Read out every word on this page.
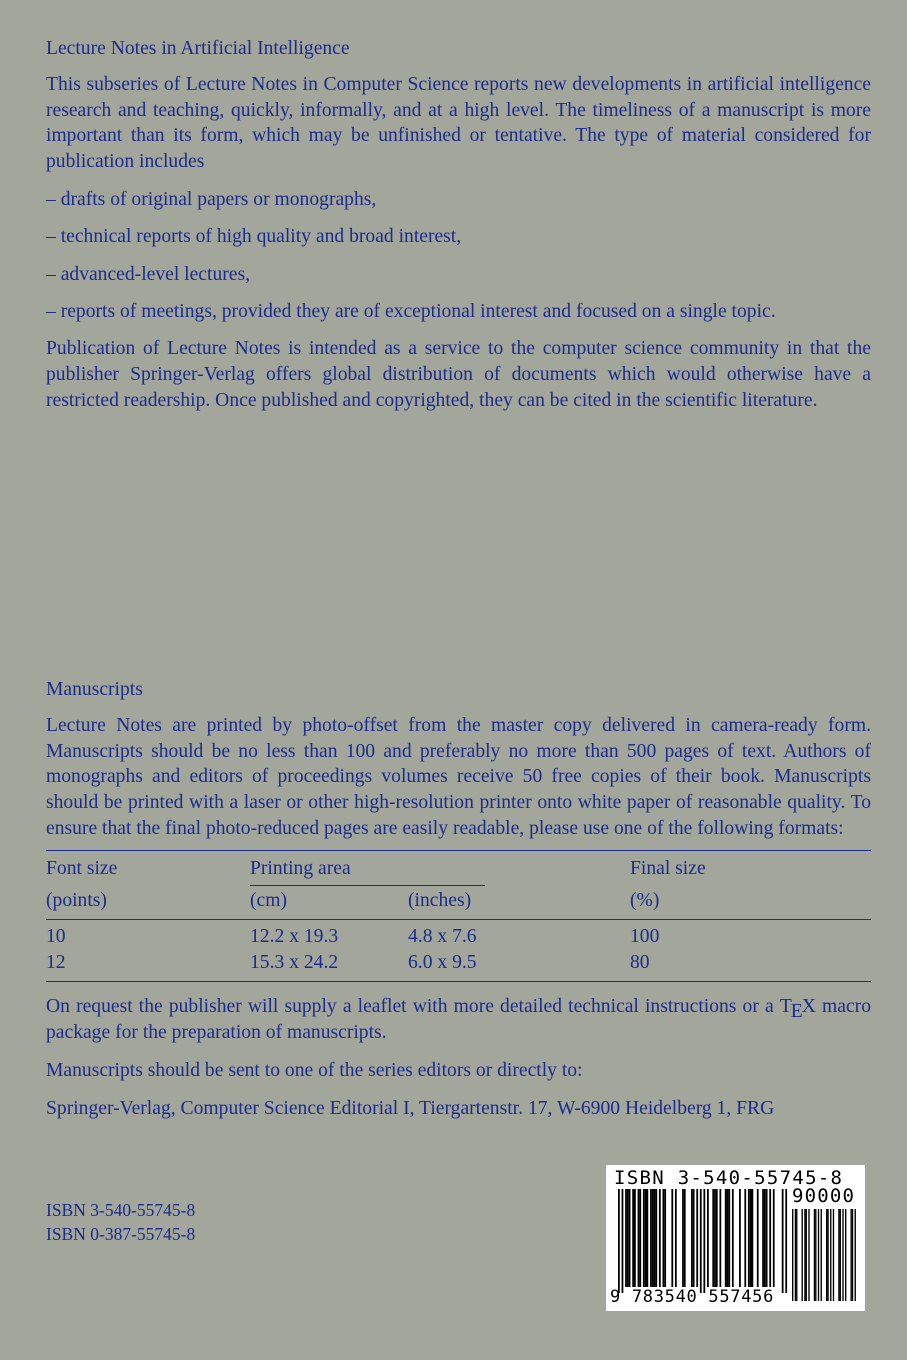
Lecture Notes in Artificial Intelligence
This subseries of Lecture Notes in Computer Science reports new developments in artificial intelligence research and teaching, quickly, informally, and at a high level. The timeliness of a manuscript is more important than its form, which may be unfinished or tentative. The type of material considered for publication includes
– drafts of original papers or monographs,
– technical reports of high quality and broad interest,
– advanced-level lectures,
– reports of meetings, provided they are of exceptional interest and focused on a single topic.
Publication of Lecture Notes is intended as a service to the computer science community in that the publisher Springer-Verlag offers global distribution of documents which would otherwise have a restricted readership. Once published and copyrighted, they can be cited in the scientific literature.
Manuscripts
Lecture Notes are printed by photo-offset from the master copy delivered in camera-ready form. Manuscripts should be no less than 100 and preferably no more than 500 pages of text. Authors of monographs and editors of proceedings volumes receive 50 free copies of their book. Manuscripts should be printed with a laser or other high-resolution printer onto white paper of reasonable quality. To ensure that the final photo-reduced pages are easily readable, please use one of the following formats:
Font size	Printing area		Final size
(points)	(cm)	(inches)	(%)
10	12.2 x 19.3	4.8 x 7.6	100
12	15.3 x 24.2	6.0 x 9.5	80
On request the publisher will supply a leaflet with more detailed technical instructions or a TEX macro package for the preparation of manuscripts.
Manuscripts should be sent to one of the series editors or directly to:
Springer-Verlag, Computer Science Editorial I, Tiergartenstr. 17, W-6900 Heidelberg 1, FRG
ISBN 3-540-55745-8
ISBN 0-387-55745-8
ISBN 3-540-55745-8
90000
9 783540 557456
